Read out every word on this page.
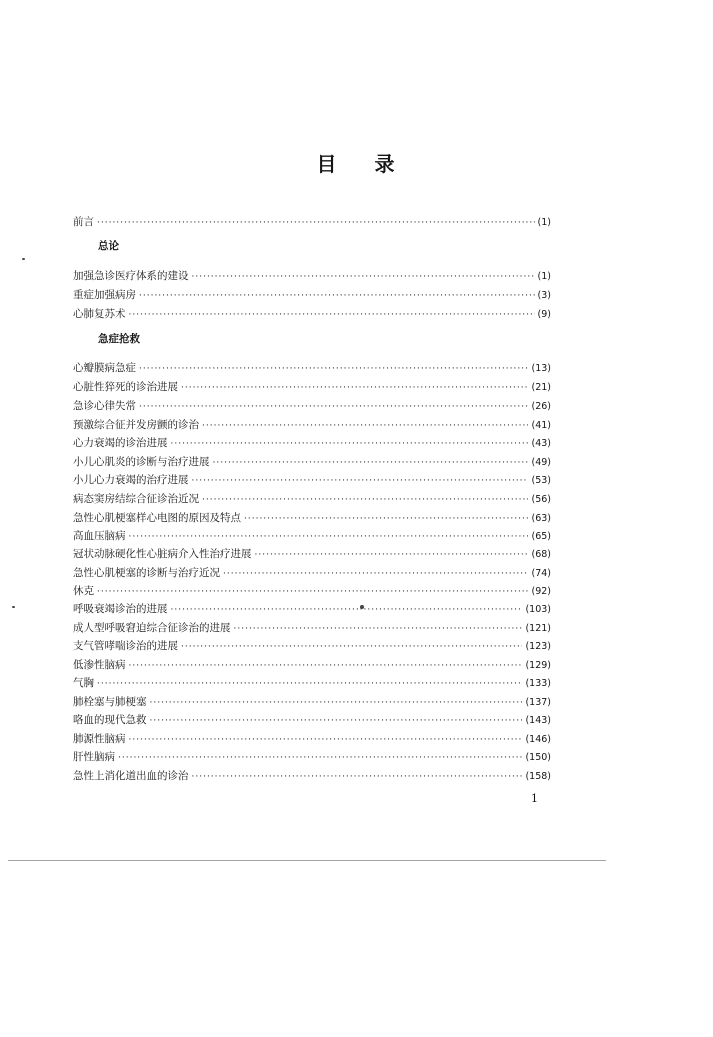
目 录
前言 ·····	(1)
总论
加强急诊医疗体系的建设 ·····	(1)
重症加强病房 ·····	(3)
心肺复苏术 ·····	(9)
急症抢救
心瓣膜病急症 ·····	(13)
心脏性猝死的诊治进展 ·····	(21)
急诊心律失常 ·····	(26)
预激综合征并发房颤的诊治 ·····	(41)
心力衰竭的诊治进展 ·····	(43)
小儿心肌炎的诊断与治疗进展 ·····	(49)
小儿心力衰竭的治疗进展 ·····	(53)
病态窦房结综合征诊治近况 ·····	(56)
急性心肌梗塞样心电图的原因及特点 ·····	(63)
高血压脑病 ·····	(65)
冠状动脉硬化性心脏病介入性治疗进展 ·····	(68)
急性心肌梗塞的诊断与治疗近况 ·····	(74)
休克 ·····	(92)
呼吸衰竭诊治的进展 ·····	(103)
成人型呼吸窘迫综合征诊治的进展 ·····	(121)
支气管哮喘诊治的进展 ·····	(123)
低渗性脑病 ·····	(129)
气胸 ·····	(133)
肺栓塞与肺梗塞 ·····	(137)
咯血的现代急救 ·····	(143)
肺源性脑病 ·····	(146)
肝性脑病 ·····	(150)
急性上消化道出血的诊治 ·····	(158)
1
